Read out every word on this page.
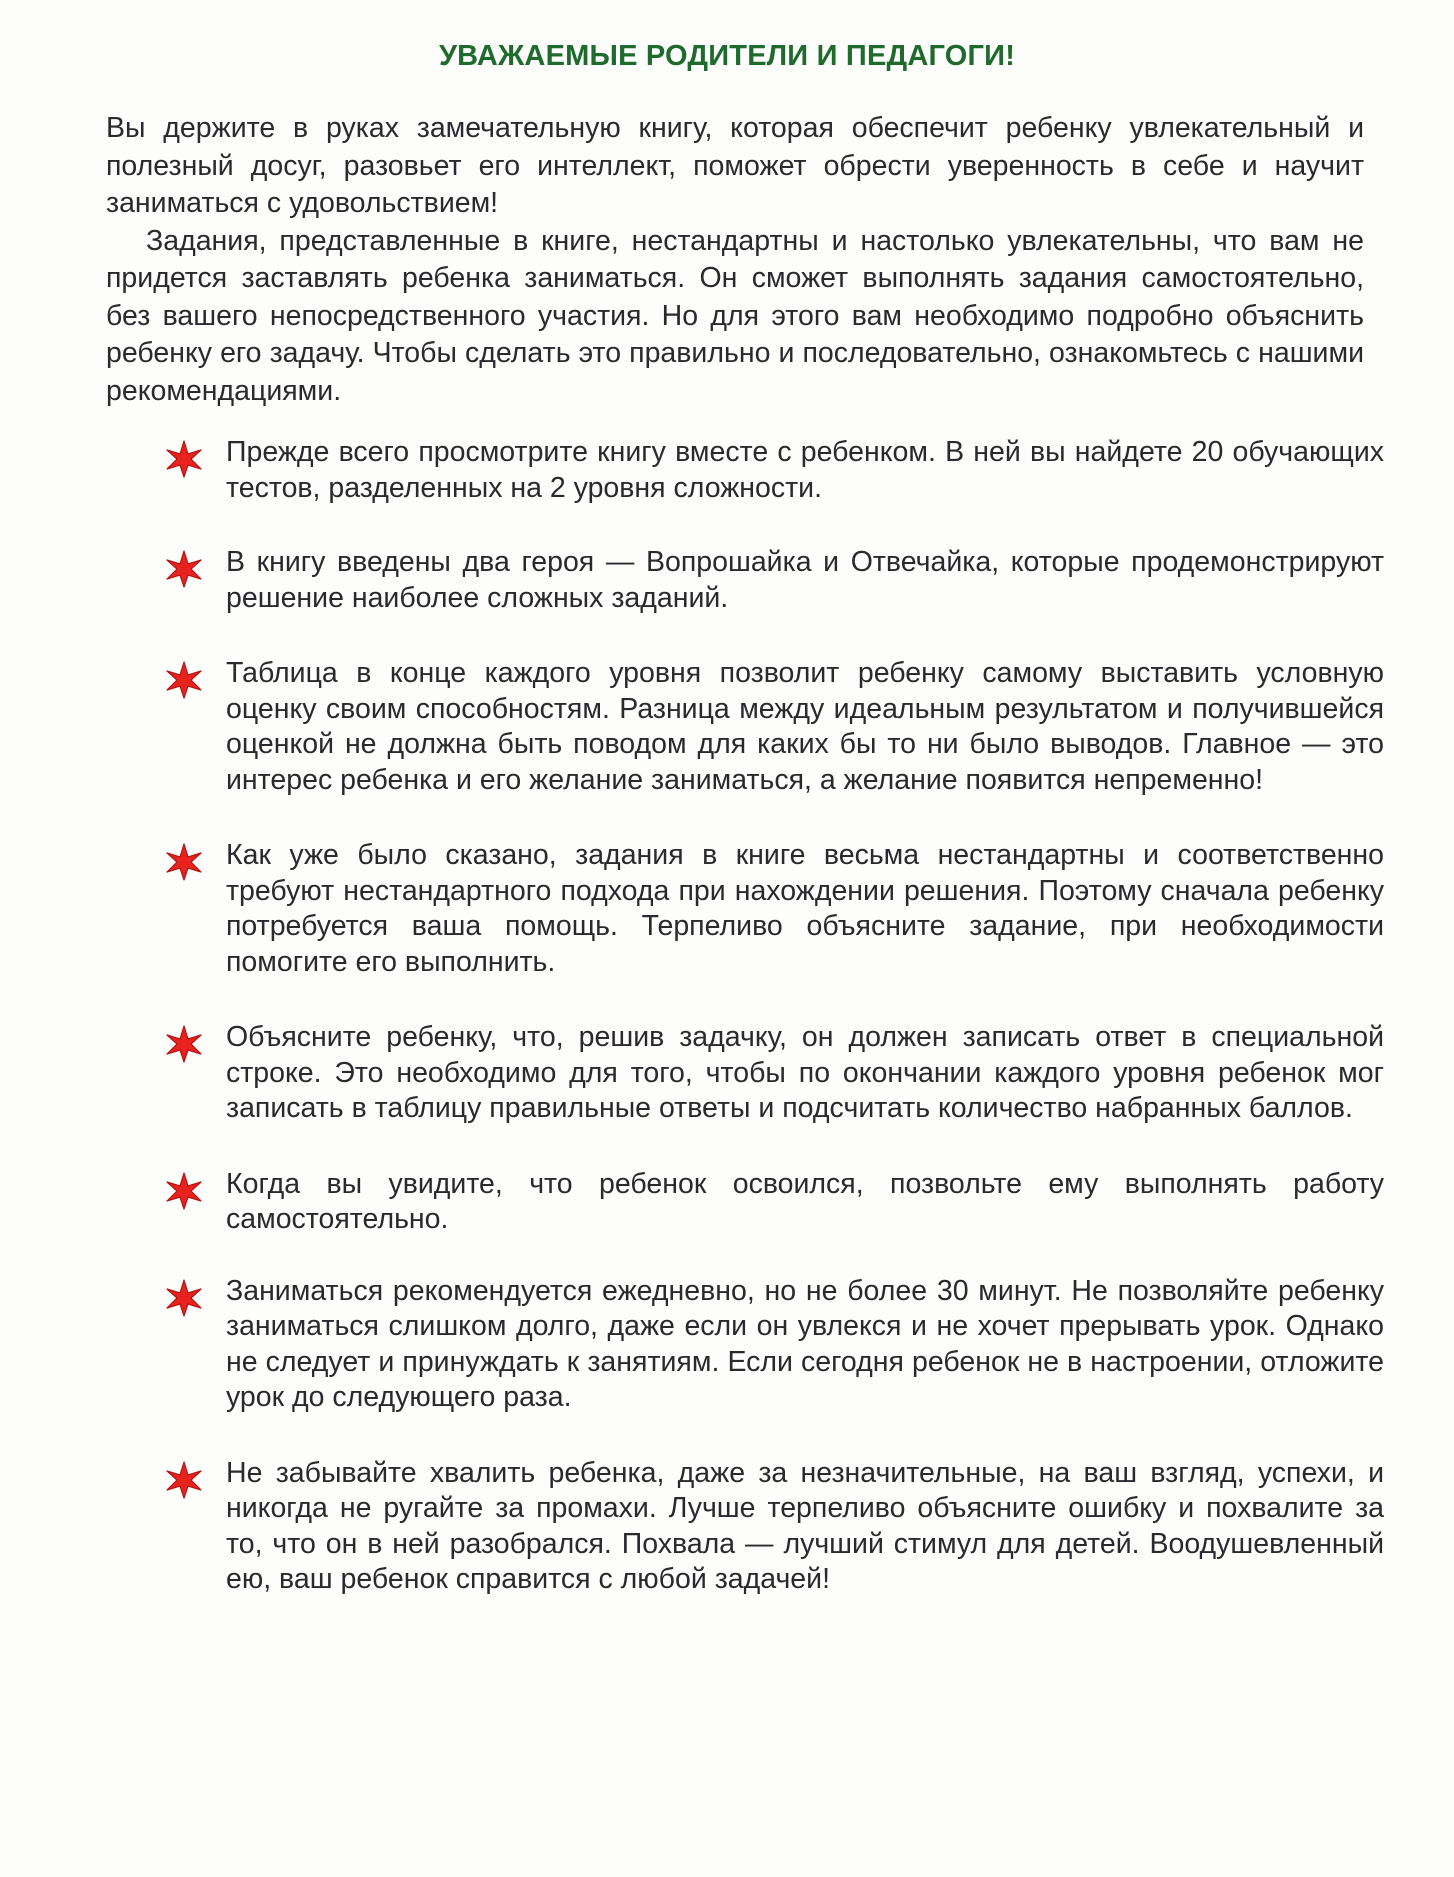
УВАЖАЕМЫЕ РОДИТЕЛИ И ПЕДАГОГИ!

Вы держите в руках замечательную книгу, которая обеспечит ребенку увлекательный и полезный досуг, разовьет его интеллект, поможет обрести уверенность в себе и научит заниматься с удовольствием!

Задания, представленные в книге, нестандартны и настолько увлекательны, что вам не придется заставлять ребенка заниматься. Он сможет выполнять задания самостоятельно, без вашего непосредственного участия. Но для этого вам необходимо подробно объяснить ребенку его задачу. Чтобы сделать это правильно и последовательно, ознакомьтесь с нашими рекомендациями.

Прежде всего просмотрите книгу вместе с ребенком. В ней вы найдете 20 обучающих тестов, разделенных на 2 уровня сложности.
В книгу введены два героя — Вопрошайка и Отвечайка, которые продемонстрируют решение наиболее сложных заданий.
Таблица в конце каждого уровня позволит ребенку самому выставить условную оценку своим способностям. Разница между идеальным результатом и получившейся оценкой не должна быть поводом для каких бы то ни было выводов. Главное — это интерес ребенка и его желание заниматься, а желание появится непременно!
Как уже было сказано, задания в книге весьма нестандартны и соответственно требуют нестандартного подхода при нахождении решения. Поэтому сначала ребенку потребуется ваша помощь. Терпеливо объясните задание, при необходимости помогите его выполнить.
Объясните ребенку, что, решив задачку, он должен записать ответ в специальной строке. Это необходимо для того, чтобы по окончании каждого уровня ребенок мог записать в таблицу правильные ответы и подсчитать количество набранных баллов.
Когда вы увидите, что ребенок освоился, позвольте ему выполнять работу самостоятельно.
Заниматься рекомендуется ежедневно, но не более 30 минут. Не позволяйте ребенку заниматься слишком долго, даже если он увлекся и не хочет прерывать урок. Однако не следует и принуждать к занятиям. Если сегодня ребенок не в настроении, отложите урок до следующего раза.
Не забывайте хвалить ребенка, даже за незначительные, на ваш взгляд, успехи, и никогда не ругайте за промахи. Лучше терпеливо объясните ошибку и похвалите за то, что он в ней разобрался. Похвала — лучший стимул для детей. Воодушевленный ею, ваш ребенок справится с любой задачей!
